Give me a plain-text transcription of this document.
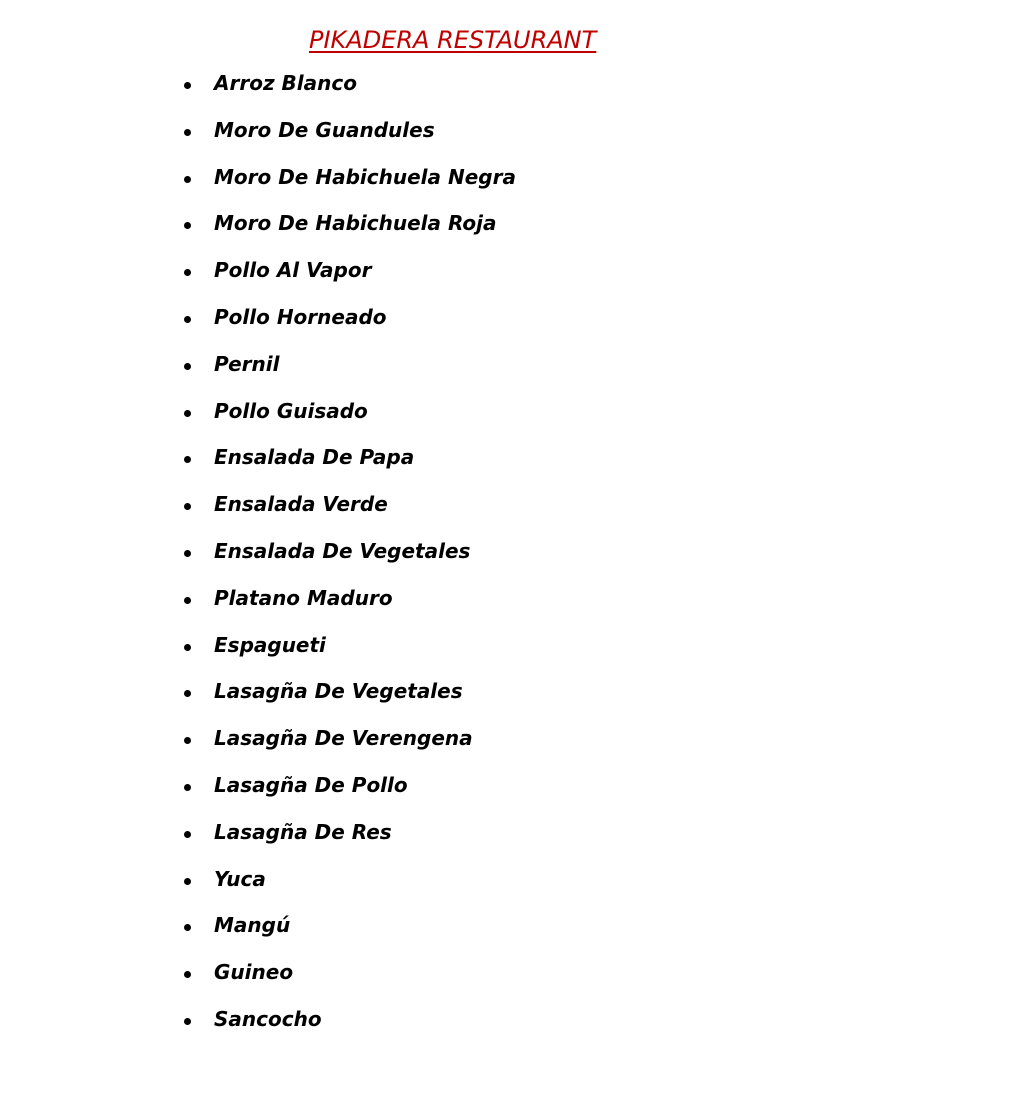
PIKADERA RESTAURANT
Arroz Blanco
Moro De Guandules
Moro De Habichuela Negra
Moro De Habichuela Roja
Pollo Al Vapor
Pollo Horneado
Pernil
Pollo Guisado
Ensalada De Papa
Ensalada Verde
Ensalada De Vegetales
Platano Maduro
Espagueti
Lasagña De Vegetales
Lasagña De Verengena
Lasagña De Pollo
Lasagña De Res
Yuca
Mangú
Guineo
Sancocho
